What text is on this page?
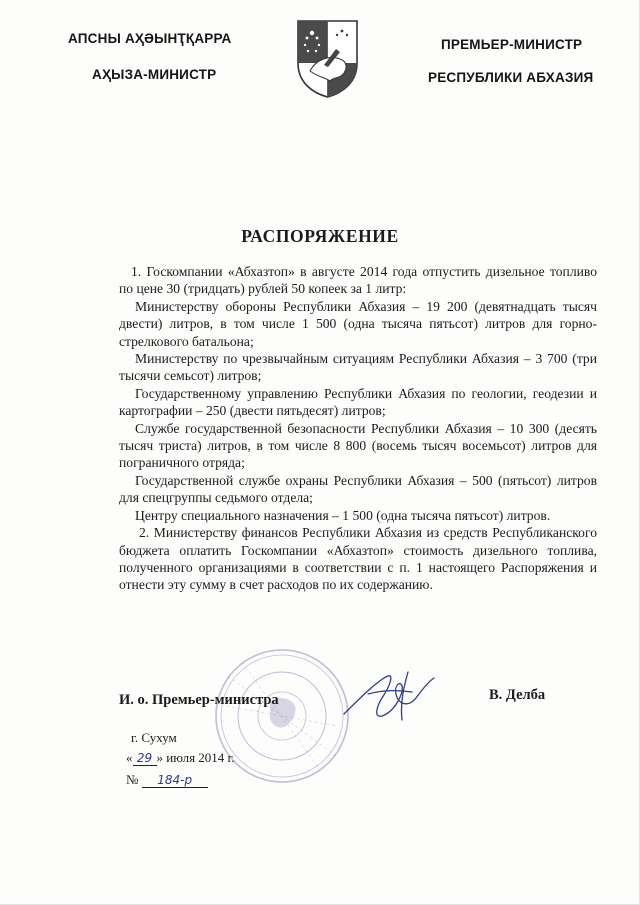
АПСНЫ АҲӘЫНҬҚАРРА
АҲЫЗА-МИНИСТР
ПРЕМЬЕР-МИНИСТР
РЕСПУБЛИКИ АБХАЗИЯ
РАСПОРЯЖЕНИЕ

1. Госкомпании «Абхазтоп» в августе 2014 года отпустить дизельное топливо по цене 30 (тридцать) рублей 50 копеек за 1 литр:

Министерству обороны Республики Абхазия – 19 200 (девятнадцать тысяч двести) литров, в том числе 1 500 (одна тысяча пятьсот) литров для горно-стрелкового батальона;

Министерству по чрезвычайным ситуациям Республики Абхазия – 3 700 (три тысячи семьсот) литров;

Государственному управлению Республики Абхазия по геологии, геодезии и картографии – 250 (двести пятьдесят) литров;

Службе государственной безопасности Республики Абхазия – 10 300 (десять тысяч триста) литров, в том числе 8 800 (восемь тысяч восемьсот) литров для пограничного отряда;

Государственной службе охраны Республики Абхазия – 500 (пятьсот) литров для спецгруппы седьмого отдела;

Центру специального назначения – 1 500 (одна тысяча пятьсот) литров.

2. Министерству финансов Республики Абхазия из средств Республиканского бюджета оплатить Госкомпании «Абхазтоп» стоимость дизельного топлива, полученного организациями в соответствии с п. 1 настоящего Распоряжения и отнести эту сумму в счет расходов по их содержанию.

И. о. Премьер-министра	В. Делба
г. Сухум
« 29 » июля 2014 г.
№ 184-р
